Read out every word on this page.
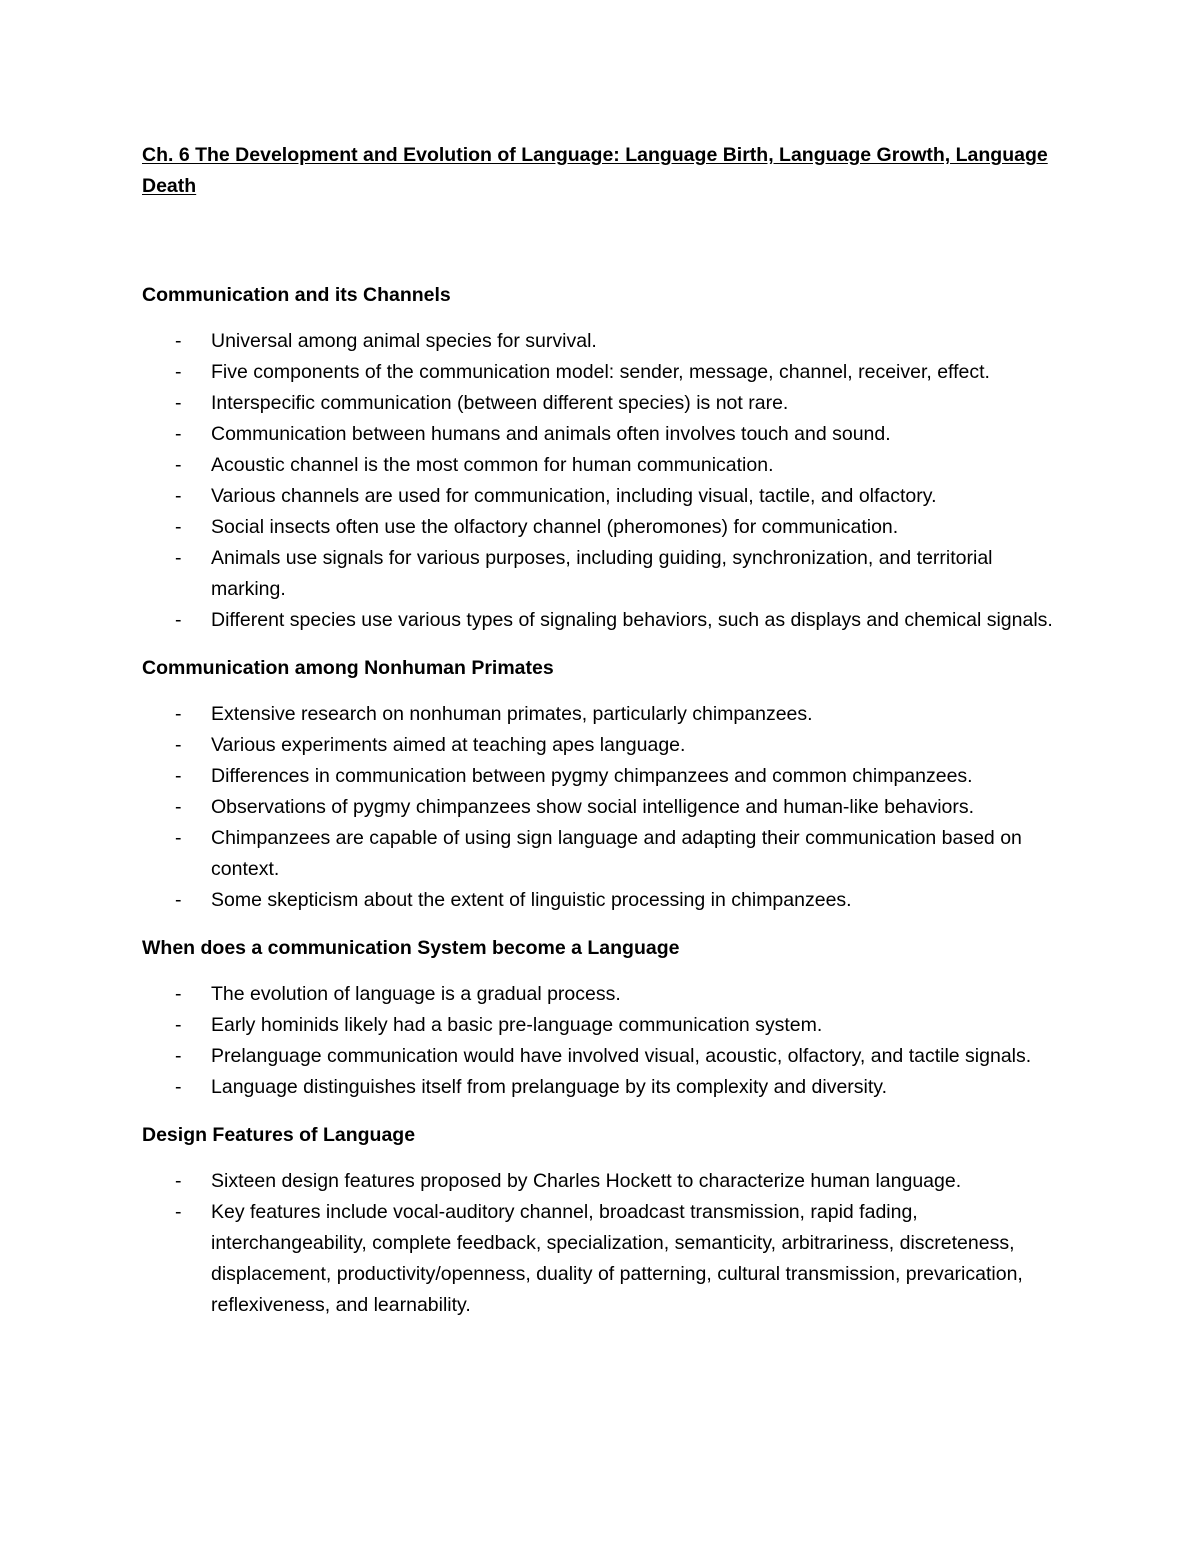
Ch. 6 The Development and Evolution of Language: Language Birth, Language Growth, Language Death
Communication and its Channels
- Universal among animal species for survival.
- Five components of the communication model: sender, message, channel, receiver, effect.
- Interspecific communication (between different species) is not rare.
- Communication between humans and animals often involves touch and sound.
- Acoustic channel is the most common for human communication.
- Various channels are used for communication, including visual, tactile, and olfactory.
- Social insects often use the olfactory channel (pheromones) for communication.
- Animals use signals for various purposes, including guiding, synchronization, and territorial marking.
- Different species use various types of signaling behaviors, such as displays and chemical signals.
Communication among Nonhuman Primates
- Extensive research on nonhuman primates, particularly chimpanzees.
- Various experiments aimed at teaching apes language.
- Differences in communication between pygmy chimpanzees and common chimpanzees.
- Observations of pygmy chimpanzees show social intelligence and human-like behaviors.
- Chimpanzees are capable of using sign language and adapting their communication based on context.
- Some skepticism about the extent of linguistic processing in chimpanzees.
When does a communication System become a Language
- The evolution of language is a gradual process.
- Early hominids likely had a basic pre-language communication system.
- Prelanguage communication would have involved visual, acoustic, olfactory, and tactile signals.
- Language distinguishes itself from prelanguage by its complexity and diversity.
Design Features of Language
- Sixteen design features proposed by Charles Hockett to characterize human language.
- Key features include vocal-auditory channel, broadcast transmission, rapid fading, interchangeability, complete feedback, specialization, semanticity, arbitrariness, discreteness, displacement, productivity/openness, duality of patterning, cultural transmission, prevarication, reflexiveness, and learnability.
